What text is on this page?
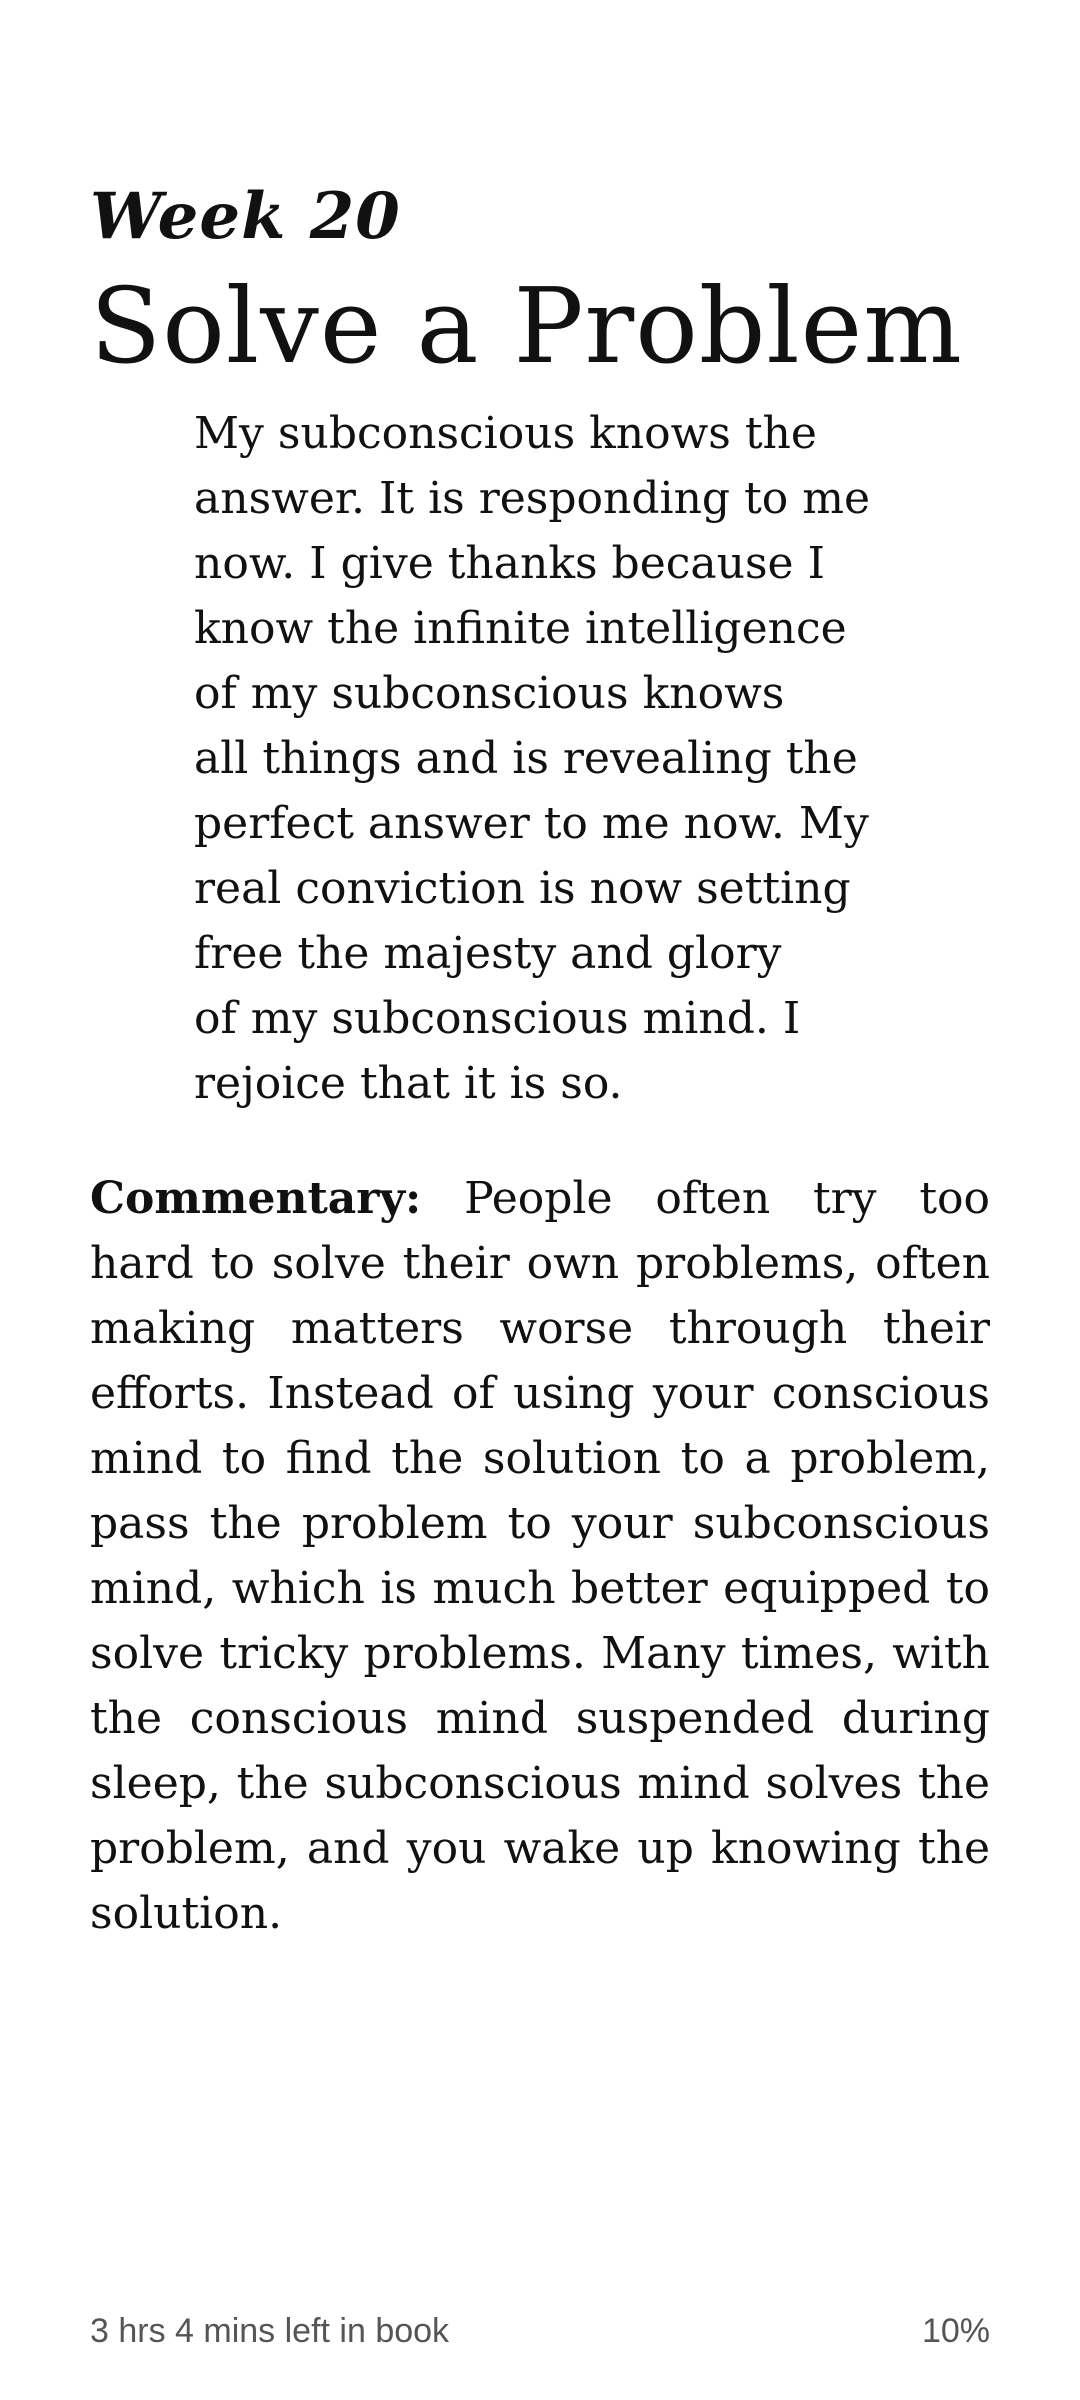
Week 20
Solve a Problem
My subconscious knows the
answer. It is responding to me
now. I give thanks because I
know the infinite intelligence
of my subconscious knows
all things and is revealing the
perfect answer to me now. My
real conviction is now setting
free the majesty and glory
of my subconscious mind. I
rejoice that it is so.

Commentary: People often try too hard to solve their own problems, often making matters worse through their efforts. Instead of using your conscious mind to find the solution to a problem, pass the problem to your subconscious mind, which is much better equipped to solve tricky problems. Many times, with the conscious mind suspended during sleep, the subconscious mind solves the problem, and you wake up knowing the solution.

3 hrs 4 mins left in book	10%
